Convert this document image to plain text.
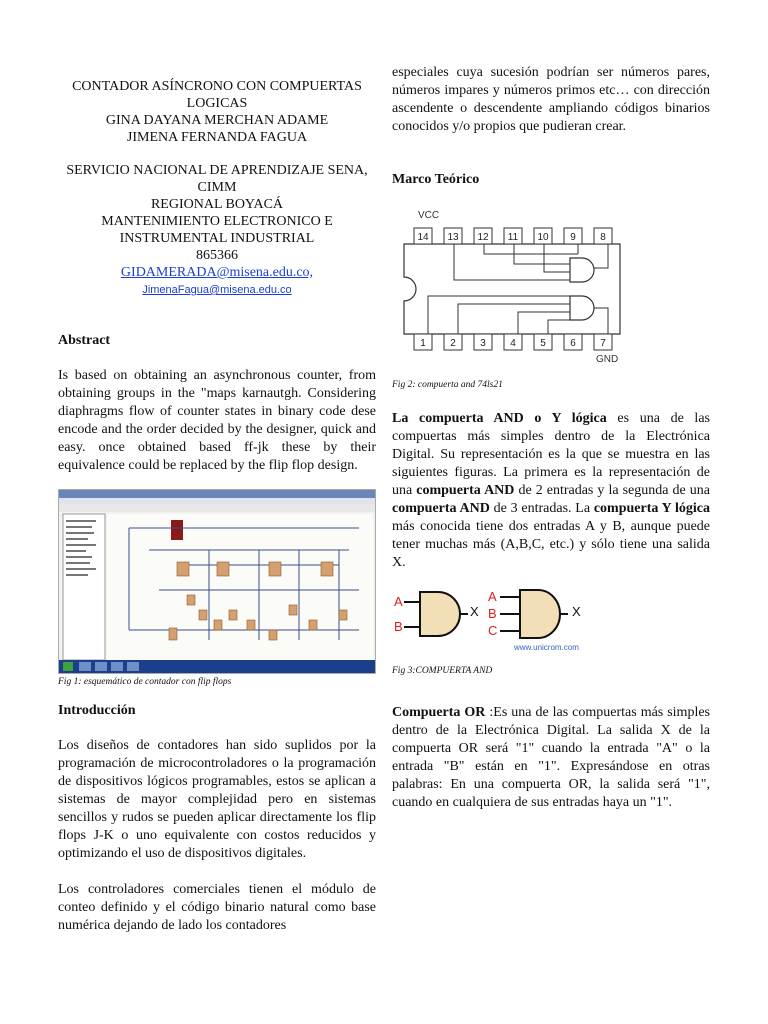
CONTADOR ASÍNCRONO CON COMPUERTAS
LOGICAS
GINA DAYANA MERCHAN ADAME
JIMENA FERNANDA FAGUA
SERVICIO NACIONAL DE APRENDIZAJE SENA,
CIMM
REGIONAL BOYACÁ
MANTENIMIENTO ELECTRONICO E
INSTRUMENTAL INDUSTRIAL
865366
GIDAMERADA@misena.edu.co,
JimenaFagua@misena.edu.co

Abstract

Is based on obtaining an asynchronous counter, from obtaining groups in the "maps karnautgh. Considering diaphragms flow of counter states in binary code dese encode and the order decided by the designer, quick and easy. once obtained based ff-jk these by their equivalence could be replaced by the flip flop design.

Fig 1: esquemático de contador con flip flops

Introducción

Los diseños de contadores han sido suplidos por la programación de microcontroladores o la programación de dispositivos lógicos programables, estos se aplican a sistemas de mayor complejidad pero en sistemas sencillos y rudos se pueden aplicar directamente los flip flops J-K o uno equivalente con costos reducidos y optimizando el uso de dispositivos digitales.

Los controladores comerciales tienen el módulo de conteo definido y el código binario natural como base numérica dejando de lado los contadores

especiales cuya sucesión podrían ser números pares, números impares y números primos etc… con dirección ascendente o descendente ampliando códigos binarios conocidos y/o propios que pudieran crear.

Marco Teórico

VCC
GND
14 13 12 11 10 9 8
1 2 3 4 5 6 7

Fig 2: compuerta and 74ls21

La compuerta AND o Y lógica es una de las compuertas más simples dentro de la Electrónica Digital. Su representación es la que se muestra en las siguientes figuras. La primera es la representación de una compuerta AND de 2 entradas y la segunda de una compuerta AND de 3 entradas. La compuerta Y lógica más conocida tiene dos entradas A y B, aunque puede tener muchas más (A,B,C, etc.) y sólo tiene una salida X.

A
B
X
A
B
C
X
www.unicrom.com

Fig 3:COMPUERTA AND

Compuerta OR :Es una de las compuertas más simples dentro de la Electrónica Digital. La salida X de la compuerta OR será "1" cuando la entrada "A" o la entrada "B" están en "1". Expresándose en otras palabras: En una compuerta OR, la salida será "1", cuando en cualquiera de sus entradas haya un "1".
